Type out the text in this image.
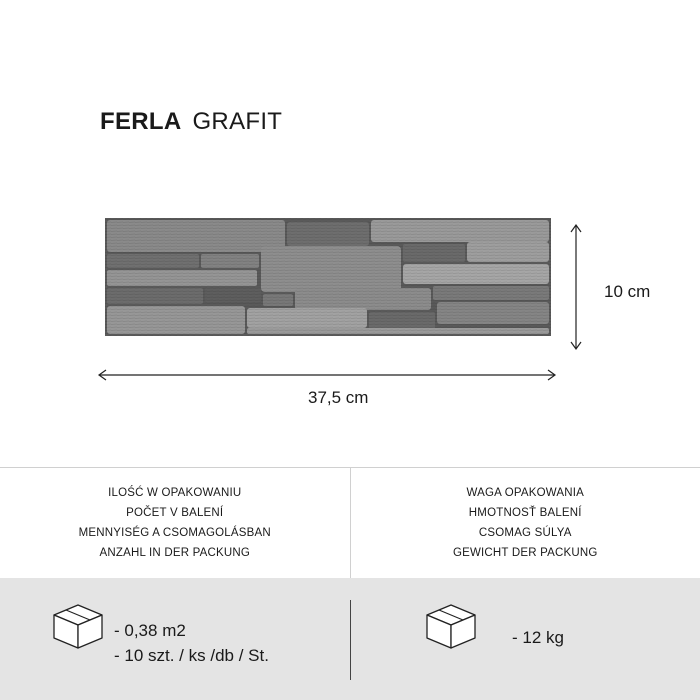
FERLA GRAFIT
10 cm
37,5 cm
ILOŚĆ W OPAKOWANIU
POČET V BALENÍ
MENNYISÉG A CSOMAGOLÁSBAN
ANZAHL IN DER PACKUNG
WAGA OPAKOWANIA
HMOTNOSŤ BALENÍ
CSOMAG SÚLYA
GEWICHT DER PACKUNG
- 0,38 m2
- 10 szt. / ks /db / St.
- 12 kg
